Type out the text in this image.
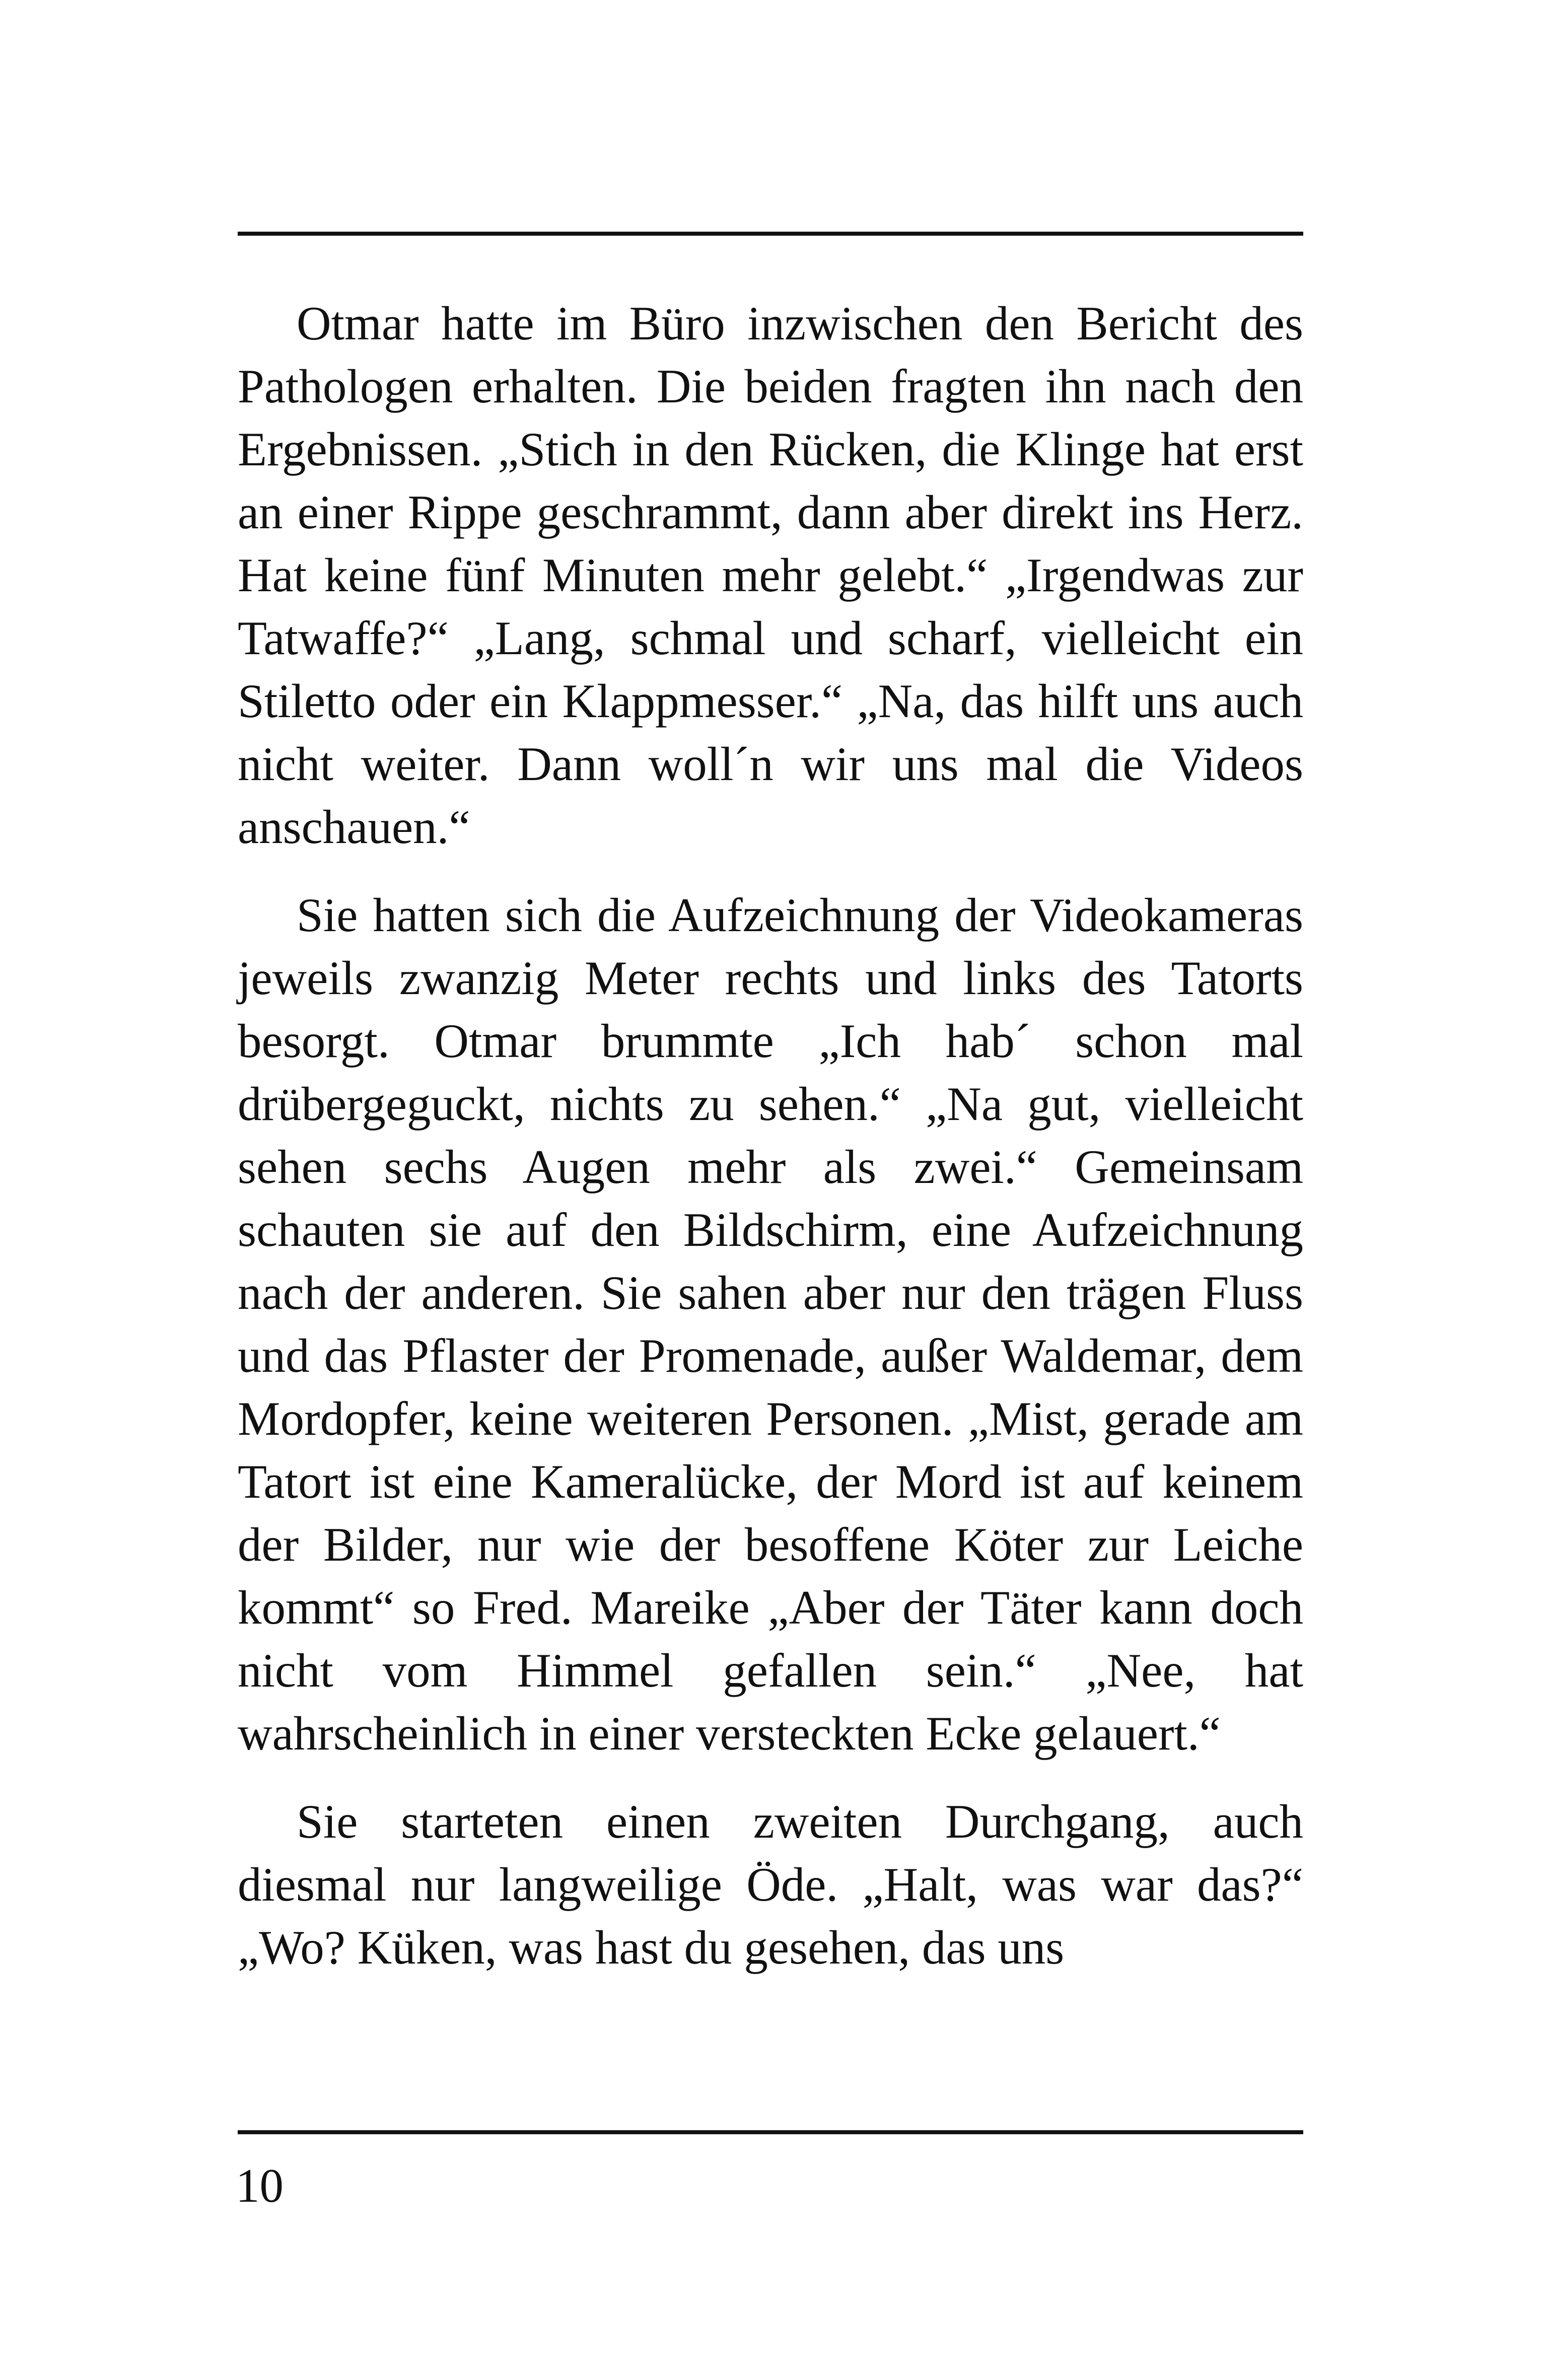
Otmar hatte im Büro inzwischen den Bericht des Pathologen erhalten. Die beiden fragten ihn nach den Ergebnissen. „Stich in den Rücken, die Klinge hat erst an einer Rippe geschrammt, dann aber direkt ins Herz. Hat keine fünf Minuten mehr gelebt.“ „Irgendwas zur Tatwaffe?“ „Lang, schmal und scharf, vielleicht ein Stiletto oder ein Klappmesser.“ „Na, das hilft uns auch nicht weiter. Dann woll´n wir uns mal die Videos anschauen.“

Sie hatten sich die Aufzeichnung der Videokameras jeweils zwanzig Meter rechts und links des Tatorts besorgt. Otmar brummte „Ich hab´ schon mal drübergeguckt, nichts zu sehen.“ „Na gut, vielleicht sehen sechs Augen mehr als zwei.“ Gemeinsam schauten sie auf den Bildschirm, eine Aufzeichnung nach der anderen. Sie sahen aber nur den trägen Fluss und das Pflaster der Promenade, außer Waldemar, dem Mordopfer, keine weiteren Personen. „Mist, gerade am Tatort ist eine Kameralücke, der Mord ist auf keinem der Bilder, nur wie der besoffene Köter zur Leiche kommt“ so Fred. Mareike „Aber der Täter kann doch nicht vom Himmel gefallen sein.“ „Nee, hat wahrscheinlich in einer versteckten Ecke gelauert.“

Sie starteten einen zweiten Durchgang, auch diesmal nur langweilige Öde. „Halt, was war das?“ „Wo? Küken, was hast du gesehen, das uns

10
